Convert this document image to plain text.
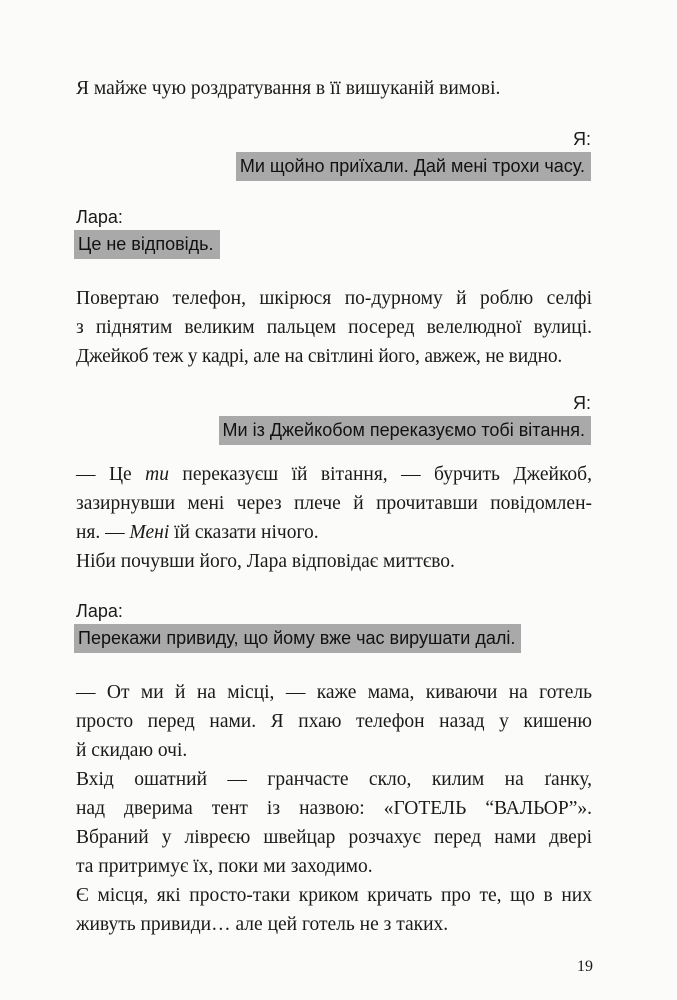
Я майже чую роздратування в її вишуканій вимові.

Я:
Ми щойно приїхали. Дай мені трохи часу.
Лара:
Це не відповідь.
Повертаю телефон, шкірюся по-дурному й роблю селфі
з піднятим великим пальцем посеред велелюдної вулиці.
Джейкоб теж у кадрі, але на світлині його, авжеж, не видно.
Я:
Ми із Джейкобом переказуємо тобі вітання.
— Це ти переказуєш їй вітання, — бурчить Джейкоб,
зазирнувши мені через плече й прочитавши повідомлен-
ня. — Мені їй сказати нічого.
Ніби почувши його, Лара відповідає миттєво.
Лара:
Перекажи привиду, що йому вже час вирушати далі.
— От ми й на місці, — каже мама, киваючи на готель
просто перед нами. Я пхаю телефон назад у кишеню
й скидаю очі.
Вхід ошатний — гранчасте скло, килим на ґанку,
над дверима тент із назвою: «ГОТЕЛЬ “ВАЛЬОР”».
Вбраний у лівреєю швейцар розчахує перед нами двері
та притримує їх, поки ми заходимо.
Є місця, які просто-таки криком кричать про те, що в них
живуть привиди… але цей готель не з таких.
19
